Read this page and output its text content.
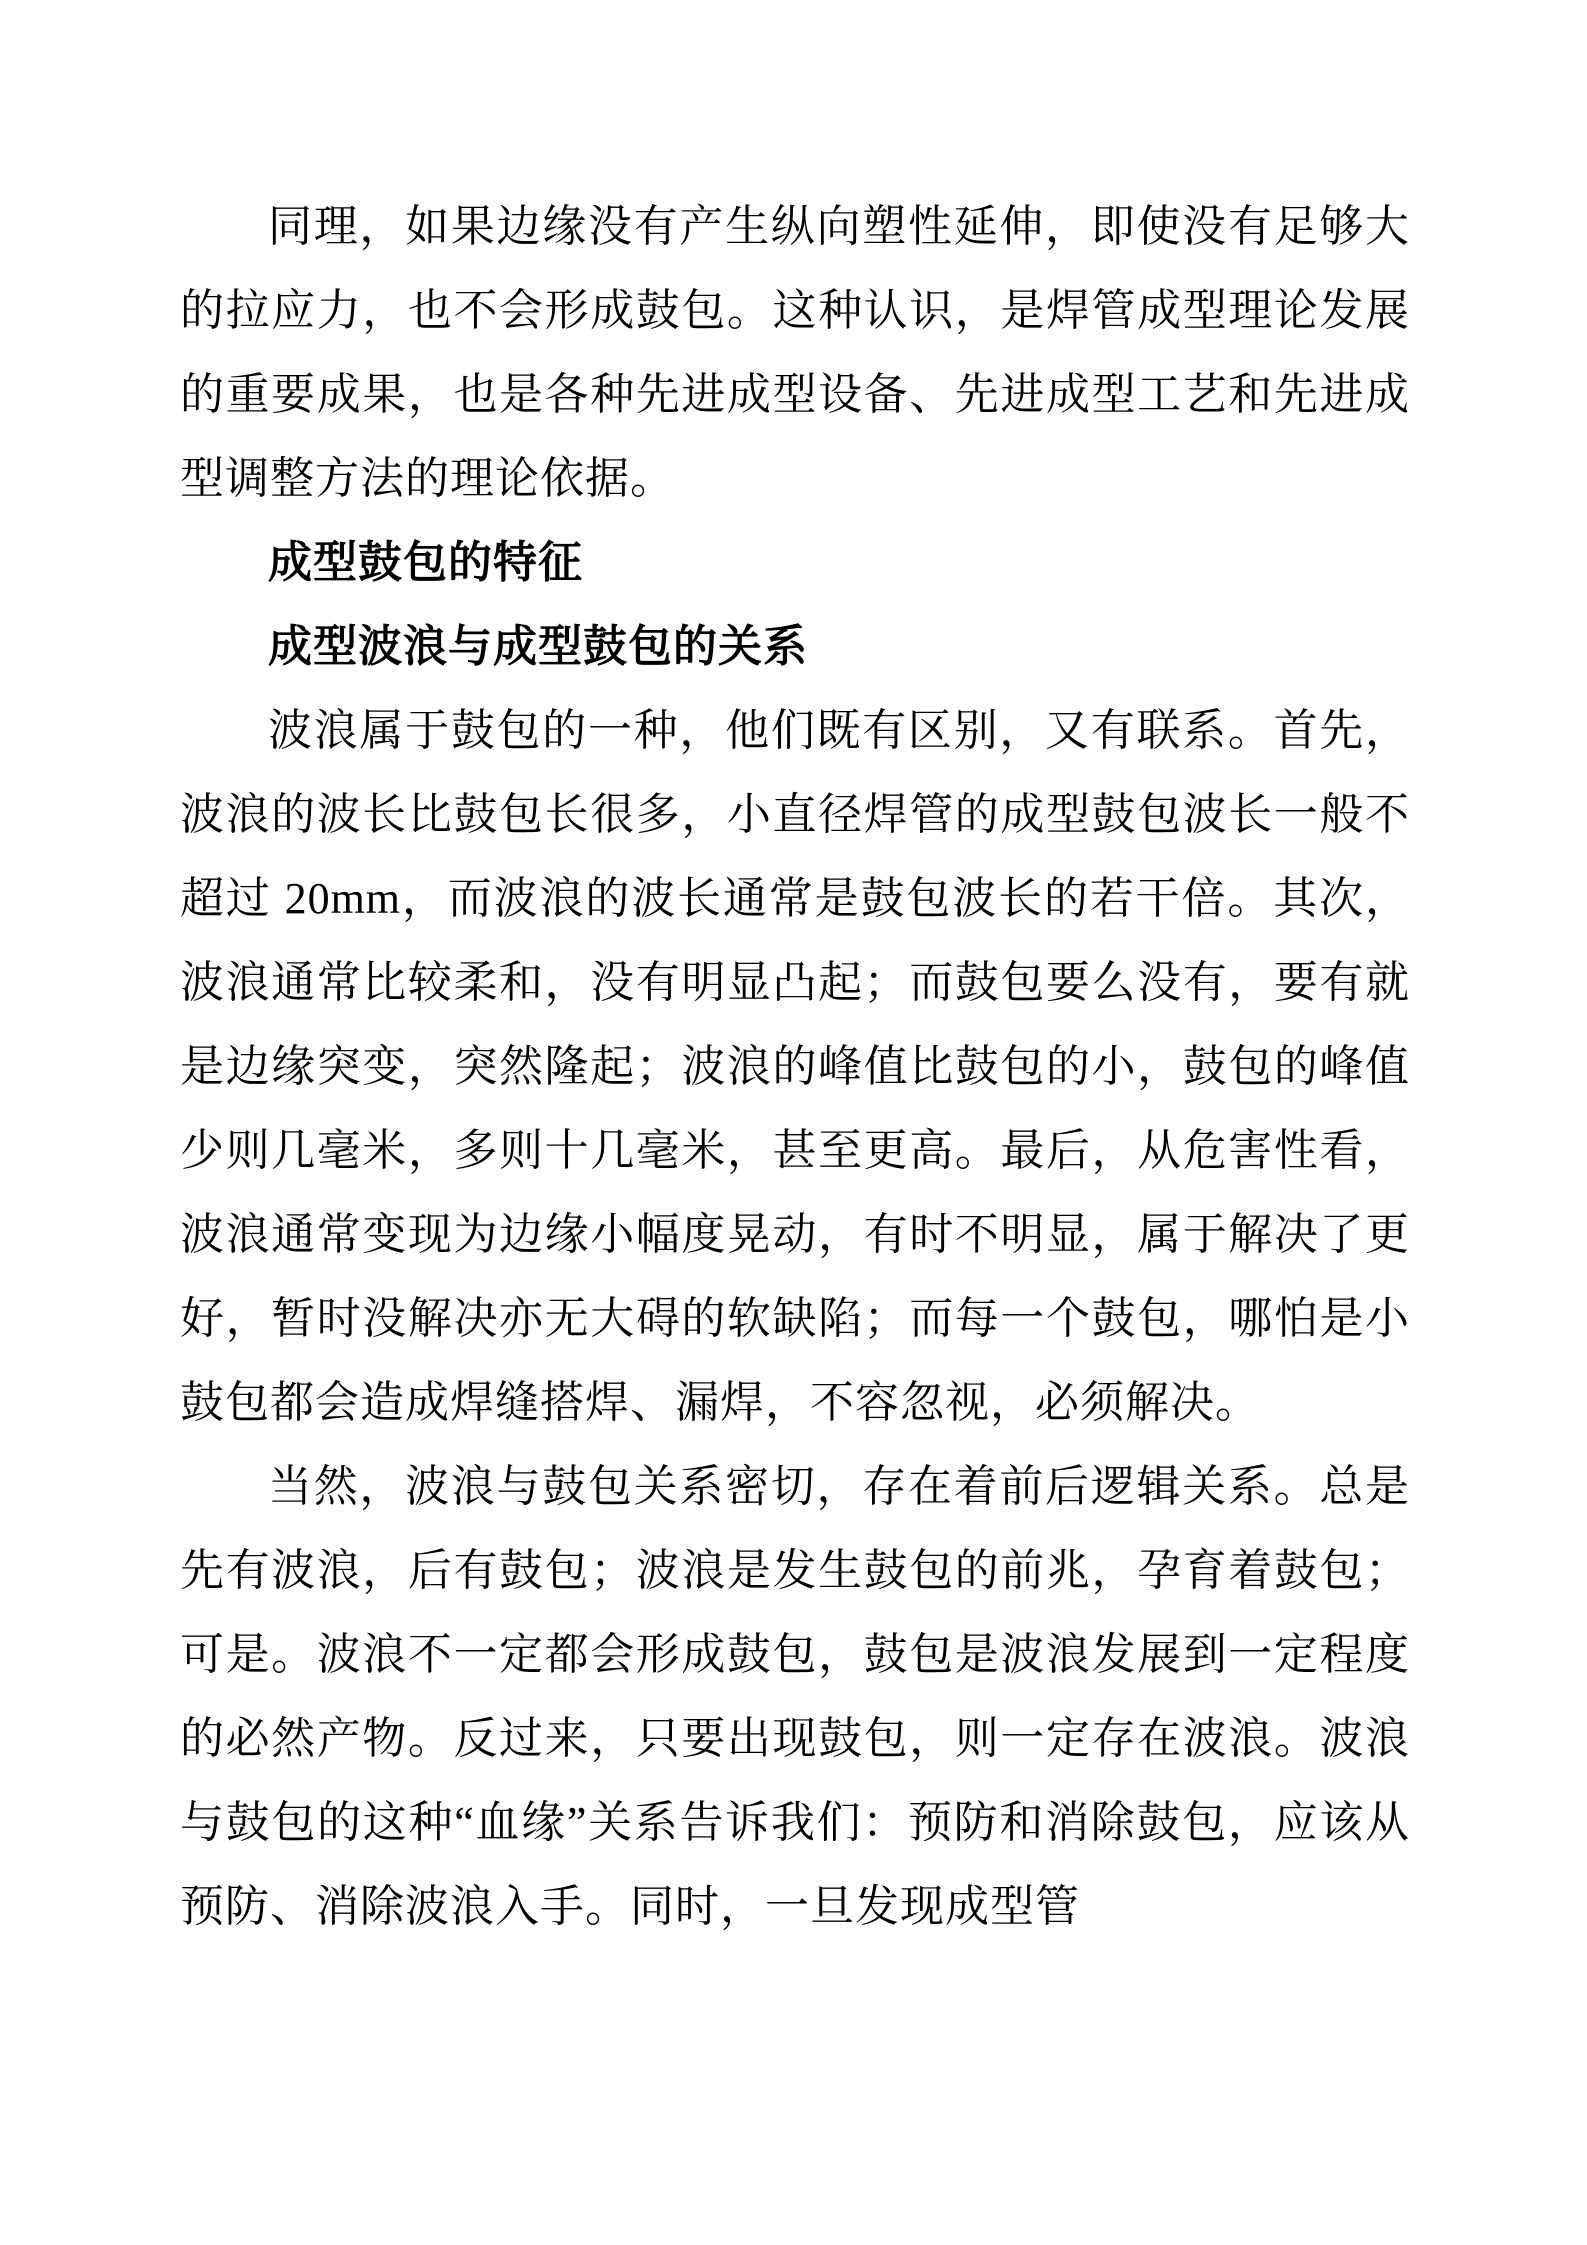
同理，如果边缘没有产生纵向塑性延伸，即使没有足够大的拉应力，也不会形成鼓包。这种认识，是焊管成型理论发展的重要成果，也是各种先进成型设备、先进成型工艺和先进成型调整方法的理论依据。

成型鼓包的特征

成型波浪与成型鼓包的关系

波浪属于鼓包的一种，他们既有区别，又有联系。首先，波浪的波长比鼓包长很多，小直径焊管的成型鼓包波长一般不超过 20mm，而波浪的波长通常是鼓包波长的若干倍。其次，波浪通常比较柔和，没有明显凸起；而鼓包要么没有，要有就是边缘突变，突然隆起；波浪的峰值比鼓包的小，鼓包的峰值少则几毫米，多则十几毫米，甚至更高。最后，从危害性看，波浪通常变现为边缘小幅度晃动，有时不明显，属于解决了更好，暂时没解决亦无大碍的软缺陷；而每一个鼓包，哪怕是小鼓包都会造成焊缝搭焊、漏焊，不容忽视，必须解决。

当然，波浪与鼓包关系密切，存在着前后逻辑关系。总是先有波浪，后有鼓包；波浪是发生鼓包的前兆，孕育着鼓包；可是。波浪不一定都会形成鼓包，鼓包是波浪发展到一定程度的必然产物。反过来，只要出现鼓包，则一定存在波浪。波浪与鼓包的这种“血缘”关系告诉我们：预防和消除鼓包，应该从预防、消除波浪入手。同时，一旦发现成型管
